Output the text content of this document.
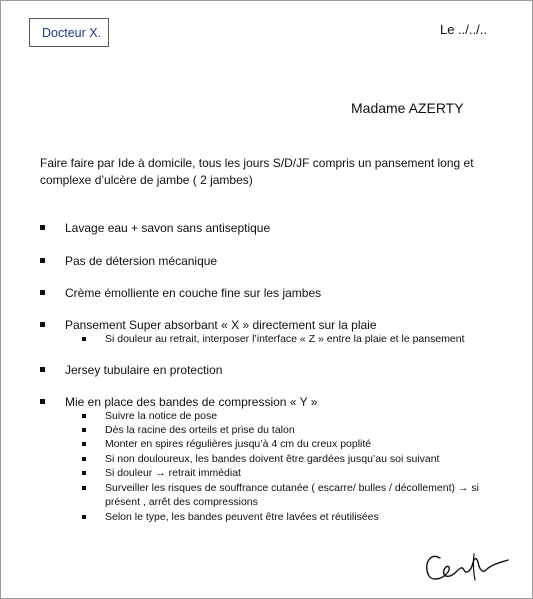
Docteur X.	Le ../../..
Madame AZERTY
Faire faire par Ide à domicile, tous les jours S/D/JF compris un pansement long et
complexe d’ulcère de jambe ( 2 jambes)
Lavage eau + savon sans antiseptique
Pas de détersion mécanique
Crème émolliente en couche fine sur les jambes
Pansement Super absorbant « X » directement sur la plaie
Si douleur au retrait, interposer l’interface « Z » entre la plaie et le pansement
Jersey tubulaire en protection
Mie en place des bandes de compression « Y »
Suivre la notice de pose
Dès la racine des orteils et prise du talon
Monter en spires régulières jusqu’à 4 cm du creux poplité
Si non douloureux, les bandes doivent être gardées jusqu’au soi suivant
Si douleur → retrait immédiat
Surveiller les risques de souffrance cutanée ( escarre/ bulles / décollement) → si
présent , arrêt des compressions
Selon le type, les bandes peuvent être lavées et réutilisées
